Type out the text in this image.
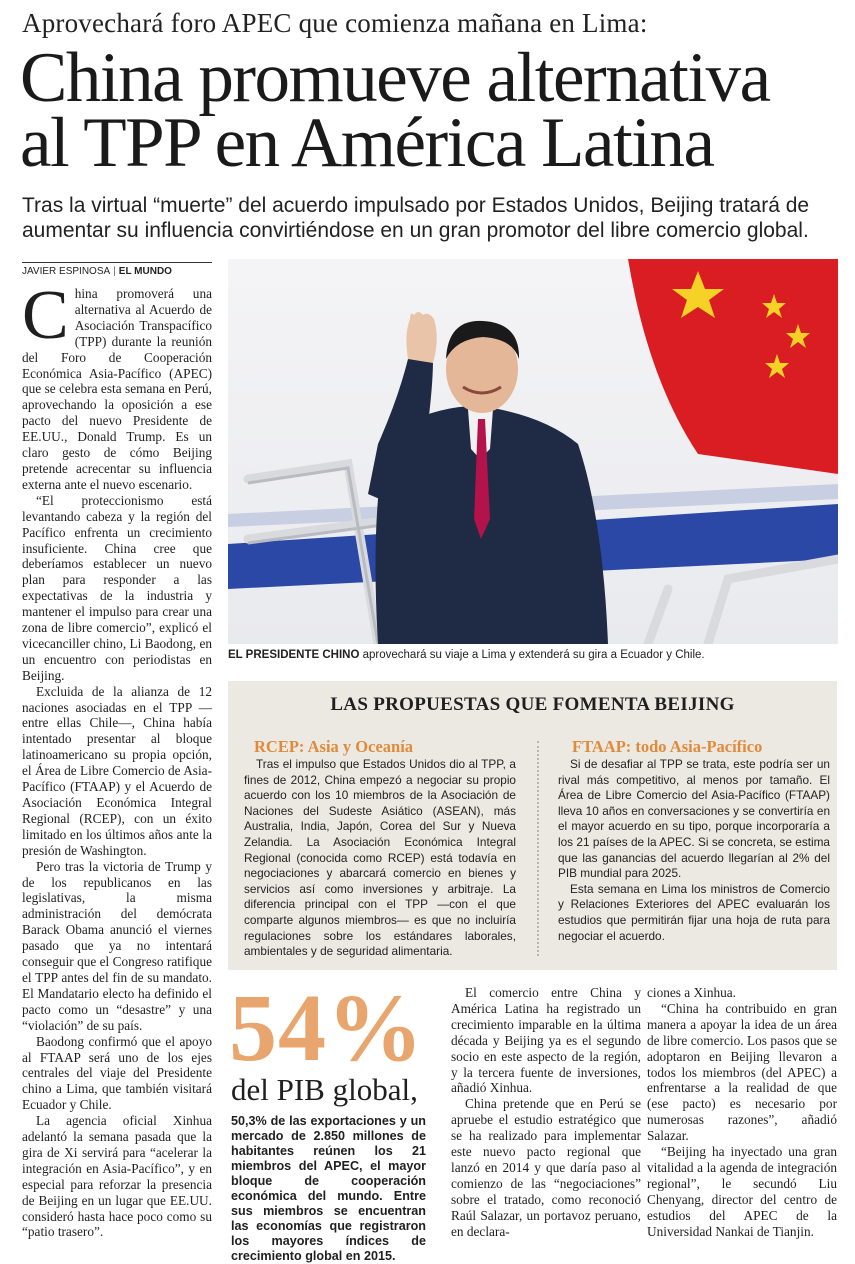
Aprovechará foro APEC que comienza mañana en Lima:
China promueve alternativa
al TPP en América Latina
Tras la virtual “muerte” del acuerdo impulsado por Estados Unidos, Beijing tratará de aumentar su influencia convirtiéndose en un gran promotor del libre comercio global.
JAVIER ESPINOSA | EL MUNDO
C hina promoverá una alternativa al Acuerdo de Asociación Transpacífico (TPP) durante la reunión del Foro de Cooperación Económica Asia-Pacífico (APEC) que se celebra esta semana en Perú, aprovechando la oposición a ese pacto del nuevo Presidente de EE.UU., Donald Trump. Es un claro gesto de cómo Beijing pretende acrecentar su influencia externa ante el nuevo escenario.

“El proteccionismo está levantando cabeza y la región del Pacífico enfrenta un crecimiento insuficiente. China cree que deberíamos establecer un nuevo plan para responder a las expectativas de la industria y mantener el impulso para crear una zona de libre comercio”, explicó el vicecanciller chino, Li Baodong, en un encuentro con periodistas en Beijing.

Excluida de la alianza de 12 naciones asociadas en el TPP —entre ellas Chile—, China había intentado presentar al bloque latinoamericano su propia opción, el Área de Libre Comercio de Asia-Pacífico (FTAAP) y el Acuerdo de Asociación Económica Integral Regional (RCEP), con un éxito limitado en los últimos años ante la presión de Washington.

Pero tras la victoria de Trump y de los republicanos en las legislativas, la misma administración del demócrata Barack Obama anunció el viernes pasado que ya no intentará conseguir que el Congreso ratifique el TPP antes del fin de su mandato. El Mandatario electo ha definido el pacto como un “desastre” y una “violación” de su país.

Baodong confirmó que el apoyo al FTAAP será uno de los ejes centrales del viaje del Presidente chino a Lima, que también visitará Ecuador y Chile.

La agencia oficial Xinhua adelantó la semana pasada que la gira de Xi servirá para “acelerar la integración en Asia-Pacífico”, y en especial para reforzar la presencia de Beijing en un lugar que EE.UU. consideró hasta hace poco como su “patio trasero”.

EL PRESIDENTE CHINO aprovechará su viaje a Lima y extenderá su gira a Ecuador y Chile.
LAS PROPUESTAS QUE FOMENTA BEIJING
RCEP: Asia y Oceanía

Tras el impulso que Estados Unidos dio al TPP, a fines de 2012, China empezó a negociar su propio acuerdo con los 10 miembros de la Asociación de Naciones del Sudeste Asiático (ASEAN), más Australia, India, Japón, Corea del Sur y Nueva Zelandia. La Asociación Económica Integral Regional (conocida como RCEP) está todavía en negociaciones y abarcará comercio en bienes y servicios así como inversiones y arbitraje. La diferencia principal con el TPP —con el que comparte algunos miembros— es que no incluiría regulaciones sobre los estándares laborales, ambientales y de seguridad alimentaria.

FTAAP: todo Asia-Pacífico

Si de desafiar al TPP se trata, este podría ser un rival más competitivo, al menos por tamaño. El Área de Libre Comercio del Asia-Pacífico (FTAAP) lleva 10 años en conversaciones y se convertiría en el mayor acuerdo en su tipo, porque incorporaría a los 21 países de la APEC. Si se concreta, se estima que las ganancias del acuerdo llegarían al 2% del PIB mundial para 2025.

Esta semana en Lima los ministros de Comercio y Relaciones Exteriores del APEC evaluarán los estudios que permitirán fijar una hoja de ruta para negociar el acuerdo.

54%
del PIB global,
50,3% de las exportaciones y un mercado de 2.850 millones de habitantes reúnen los 21 miembros del APEC, el mayor bloque de cooperación económica del mundo. Entre sus miembros se encuentran las economías que registraron los mayores índices de crecimiento global en 2015.

El comercio entre China y América Latina ha registrado un crecimiento imparable en la última década y Beijing ya es el segundo socio en este aspecto de la región, y la tercera fuente de inversiones, añadió Xinhua.

China pretende que en Perú se apruebe el estudio estratégico que se ha realizado para implementar este nuevo pacto regional que lanzó en 2014 y que daría paso al comienzo de las “negociaciones” sobre el tratado, como reconoció Raúl Salazar, un portavoz peruano, en declara-

ciones a Xinhua.

“China ha contribuido en gran manera a apoyar la idea de un área de libre comercio. Los pasos que se adoptaron en Beijing llevaron a todos los miembros (del APEC) a enfrentarse a la realidad de que (ese pacto) es necesario por numerosas razones”, añadió Salazar.

“Beijing ha inyectado una gran vitalidad a la agenda de integración regional”, le secundó Liu Chenyang, director del centro de estudios del APEC de la Universidad Nankai de Tianjin.
